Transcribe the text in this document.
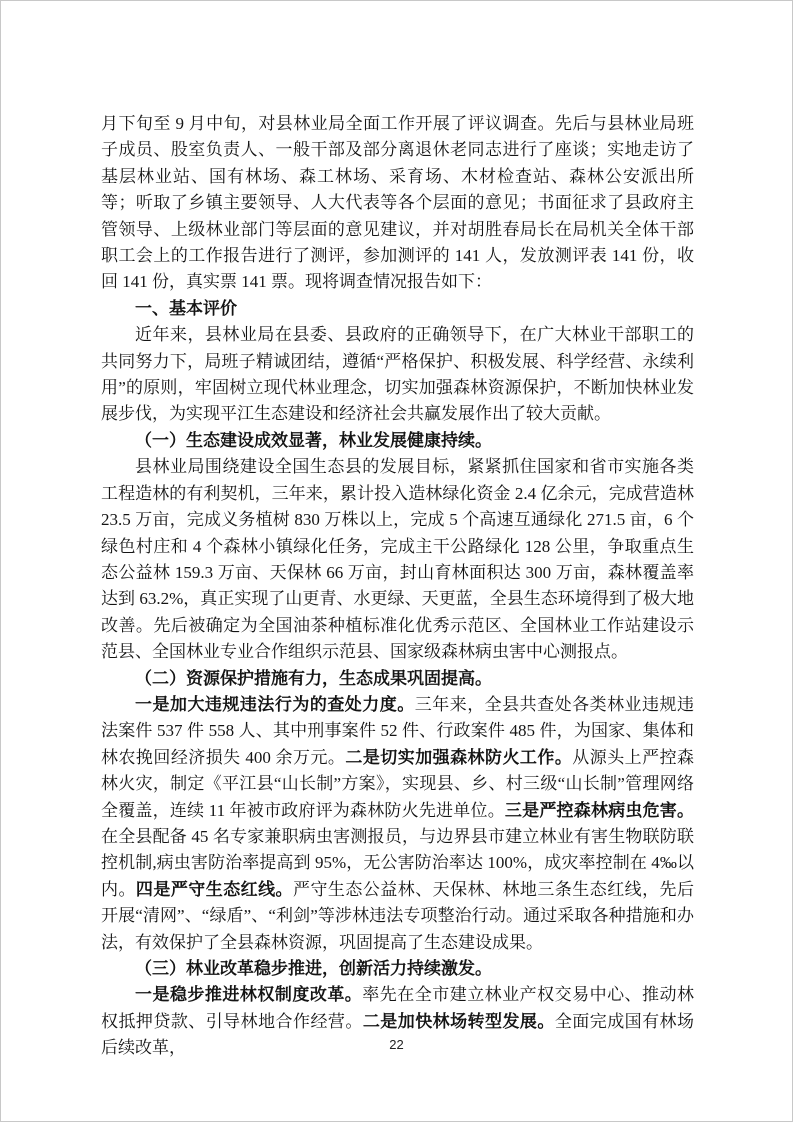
月下旬至 9 月中旬，对县林业局全面工作开展了评议调查。先后与县林业局班子成员、股室负责人、一般干部及部分离退休老同志进行了座谈；实地走访了基层林业站、国有林场、森工林场、采育场、木材检查站、森林公安派出所等；听取了乡镇主要领导、人大代表等各个层面的意见；书面征求了县政府主管领导、上级林业部门等层面的意见建议，并对胡胜春局长在局机关全体干部职工会上的工作报告进行了测评，参加测评的 141 人，发放测评表 141 份，收回 141 份，真实票 141 票。现将调查情况报告如下：

一、基本评价

近年来，县林业局在县委、县政府的正确领导下，在广大林业干部职工的共同努力下，局班子精诚团结，遵循“严格保护、积极发展、科学经营、永续利用”的原则，牢固树立现代林业理念，切实加强森林资源保护，不断加快林业发展步伐，为实现平江生态建设和经济社会共赢发展作出了较大贡献。

（一）生态建设成效显著，林业发展健康持续。

县林业局围绕建设全国生态县的发展目标，紧紧抓住国家和省市实施各类工程造林的有利契机，三年来，累计投入造林绿化资金 2.4 亿余元，完成营造林 23.5 万亩，完成义务植树 830 万株以上，完成 5 个高速互通绿化 271.5 亩，6 个绿色村庄和 4 个森林小镇绿化任务，完成主干公路绿化 128 公里，争取重点生态公益林 159.3 万亩、天保林 66 万亩，封山育林面积达 300 万亩，森林覆盖率达到 63.2%，真正实现了山更青、水更绿、天更蓝，全县生态环境得到了极大地改善。先后被确定为全国油茶种植标准化优秀示范区、全国林业工作站建设示范县、全国林业专业合作组织示范县、国家级森林病虫害中心测报点。

（二）资源保护措施有力，生态成果巩固提高。

一是加大违规违法行为的查处力度。三年来，全县共查处各类林业违规违法案件 537 件 558 人、其中刑事案件 52 件、行政案件 485 件，为国家、集体和林农挽回经济损失 400 余万元。二是切实加强森林防火工作。从源头上严控森林火灾，制定《平江县“山长制”方案》，实现县、乡、村三级“山长制”管理网络全覆盖，连续 11 年被市政府评为森林防火先进单位。三是严控森林病虫危害。在全县配备 45 名专家兼职病虫害测报员，与边界县市建立林业有害生物联防联控机制,病虫害防治率提高到 95%，无公害防治率达 100%，成灾率控制在 4‰以内。四是严守生态红线。严守生态公益林、天保林、林地三条生态红线，先后开展“清网”、“绿盾”、“利剑”等涉林违法专项整治行动。通过采取各种措施和办法，有效保护了全县森林资源，巩固提高了生态建设成果。

（三）林业改革稳步推进，创新活力持续激发。

一是稳步推进林权制度改革。率先在全市建立林业产权交易中心、推动林权抵押贷款、引导林地合作经营。二是加快林场转型发展。全面完成国有林场后续改革，	22
